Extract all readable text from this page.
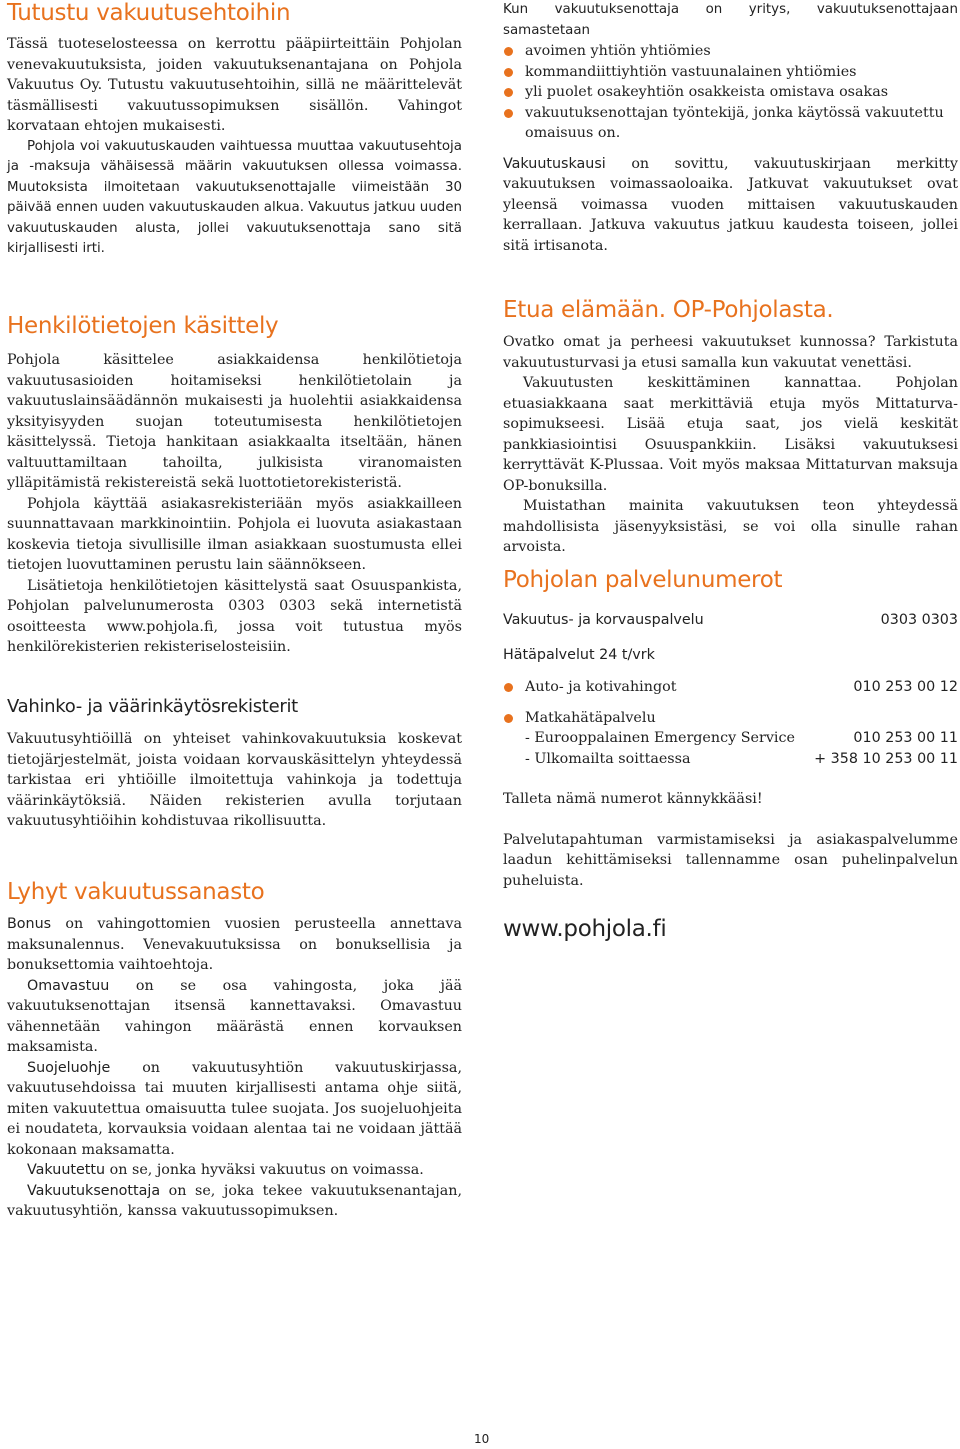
Tutustu vakuutusehtoihin

Tässä tuoteselosteessa on kerrottu pääpiirteittäin Pohjolan venevakuutuksista, joiden vakuutuksenantajana on Pohjola Vakuutus Oy. Tutustu vakuutusehtoihin, sillä ne määrittelevät täsmällisesti vakuutussopimuksen sisällön. Vahingot korvataan ehtojen mukaisesti.

Pohjola voi vakuutuskauden vaihtuessa muuttaa vakuutusehtoja ja -maksuja vähäisessä määrin vakuutuksen ollessa voimassa. Muutoksista ilmoitetaan vakuutuksenottajalle viimeistään 30 päivää ennen uuden vakuutuskauden alkua. Vakuutus jatkuu uuden vakuutuskauden alusta, jollei vakuutuksenottaja sano sitä kirjallisesti irti.

Henkilötietojen käsittely

Pohjola käsittelee asiakkaidensa henkilötietoja vakuutusasioiden hoitamiseksi henkilötietolain ja vakuutuslainsäädännön mukaisesti ja huolehtii asiakkaidensa yksityisyyden suojan toteutumisesta henkilötietojen käsittelyssä. Tietoja hankitaan asiakkaalta itseltään, hänen valtuuttamiltaan tahoilta, julkisista viranomaisten ylläpitämistä rekistereistä sekä luottotietorekisteristä.

Pohjola käyttää asiakasrekisteriään myös asiakkailleen suunnattavaan markkinointiin. Pohjola ei luovuta asiakastaan koskevia tietoja sivullisille ilman asiakkaan suostumusta ellei tietojen luovuttaminen perustu lain säännökseen.

Lisätietoja henkilötietojen käsittelystä saat Osuuspankista, Pohjolan palvelunumerosta 0303 0303 sekä internetistä osoitteesta www.pohjola.fi, jossa voit tutustua myös henkilörekisterien rekisteriselosteisiin.

Vahinko- ja väärinkäytösrekisterit

Vakuutusyhtiöillä on yhteiset vahinkovakuutuksia koskevat tietojärjestelmät, joista voidaan korvauskäsittelyn yhteydessä tarkistaa eri yhtiöille ilmoitettuja vahinkoja ja todettuja väärinkäytöksiä. Näiden rekisterien avulla torjutaan vakuutusyhtiöihin kohdistuvaa rikollisuutta.

Lyhyt vakuutussanasto

Bonus on vahingottomien vuosien perusteella annettava maksunalennus. Venevakuutuksissa on bonuksellisia ja bonuksettomia vaihtoehtoja.

Omavastuu on se osa vahingosta, joka jää vakuutuksenottajan itsensä kannettavaksi. Omavastuu vähennetään vahingon määrästä ennen korvauksen maksamista.

Suojeluohje on vakuutusyhtiön vakuutuskirjassa, vakuutusehdoissa tai muuten kirjallisesti antama ohje siitä, miten vakuutettua omaisuutta tulee suojata. Jos suojeluohjeita ei noudateta, korvauksia voidaan alentaa tai ne voidaan jättää kokonaan maksamatta.

Vakuutettu on se, jonka hyväksi vakuutus on voimassa.

Vakuutuksenottaja on se, joka tekee vakuutuksenantajan, vakuutusyhtiön, kanssa vakuutussopimuksen.

Kun vakuutuksenottaja on yritys, vakuutuksenottajaan samastetaan

avoimen yhtiön yhtiömies
kommandiittiyhtiön vastuunalainen yhtiömies
yli puolet osakeyhtiön osakkeista omistava osakas
vakuutuksenottajan työntekijä, jonka käytössä vakuutettu omaisuus on.

Vakuutuskausi on sovittu, vakuutuskirjaan merkitty vakuutuksen voimassaoloaika. Jatkuvat vakuutukset ovat yleensä voimassa vuoden mittaisen vakuutuskauden kerrallaan. Jatkuva vakuutus jatkuu kaudesta toiseen, jollei sitä irtisanota.

Etua elämään. OP-Pohjolasta.

Ovatko omat ja perheesi vakuutukset kunnossa? Tarkistuta vakuutusturvasi ja etusi samalla kun vakuutat venettäsi.

Vakuutusten keskittäminen kannattaa. Pohjolan etuasiakkaana saat merkittäviä etuja myös Mittaturva-sopimukseesi. Lisää etuja saat, jos vielä keskität pankkiasiointisi Osuuspankkiin. Lisäksi vakuutuksesi kerryttävät K-Plussaa. Voit myös maksaa Mittaturvan maksuja OP-bonuksilla.

Muistathan mainita vakuutuksen teon yhteydessä mahdollisista jäsenyyksistäsi, se voi olla sinulle rahan arvoista.

Pohjolan palvelunumerot
Vakuutus- ja korvauspalvelu	0303 0303
Hätäpalvelut 24 t/vrk
Auto- ja kotivahingot	010 253 00 12
Matkahätäpalvelu
- Eurooppalainen Emergency Service	010 253 00 11
- Ulkomailta soittaessa	+ 358 10 253 00 11

Talleta nämä numerot kännykkääsi!

Palvelutapahtuman varmistamiseksi ja asiakaspalvelumme laadun kehittämiseksi tallennamme osan puhelinpalvelun puheluista.

www.pohjola.fi
10
